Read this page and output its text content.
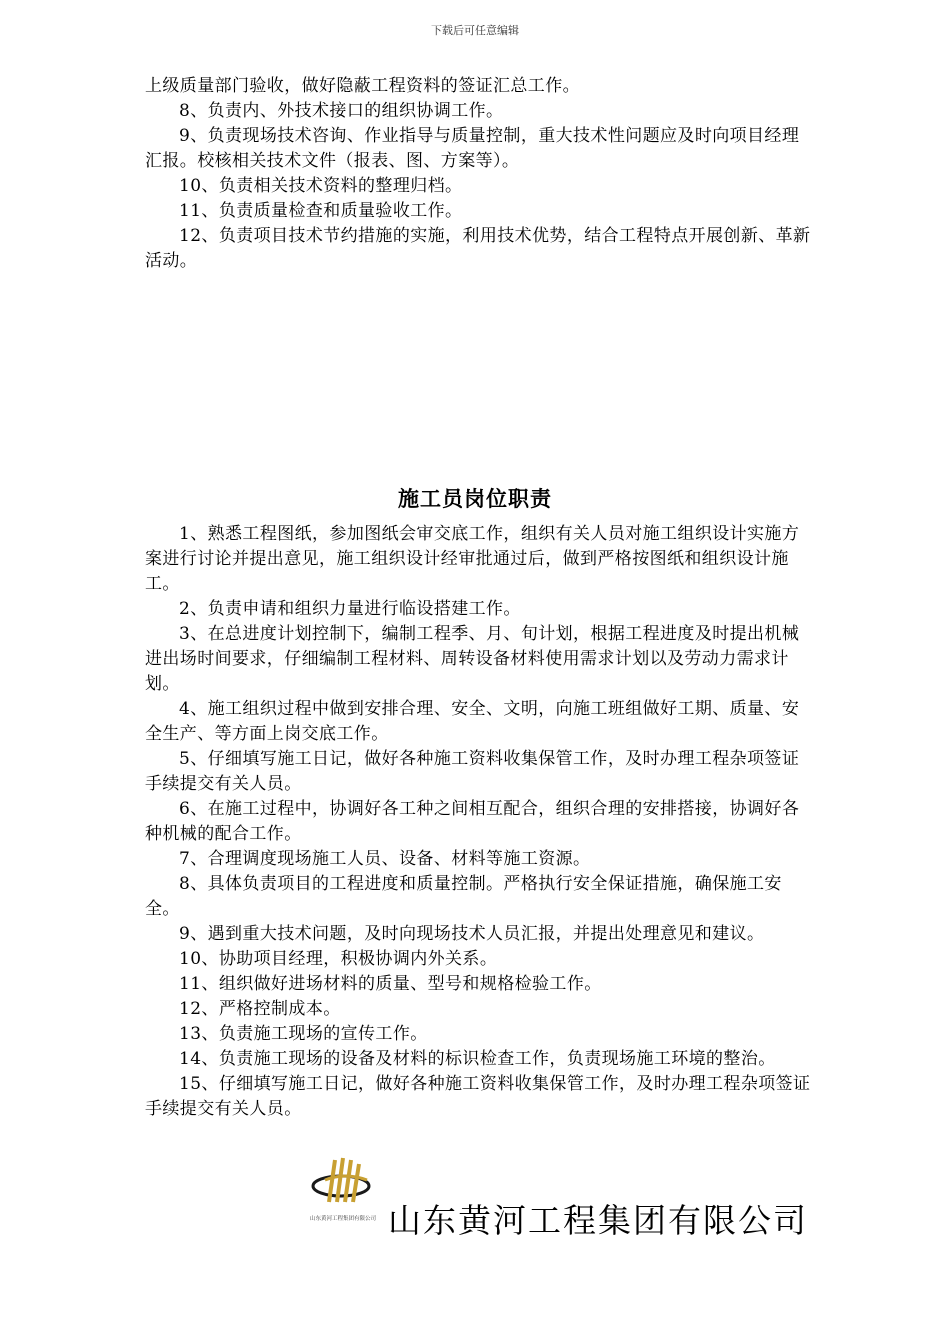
下载后可任意编辑

上级质量部门验收，做好隐蔽工程资料的签证汇总工作。

8、负责内、外技术接口的组织协调工作。

9、负责现场技术咨询、作业指导与质量控制，重大技术性问题应及时向项目经理汇报。校核相关技术文件（报表、图、方案等）。

10、负责相关技术资料的整理归档。

11、负责质量检查和质量验收工作。

12、负责项目技术节约措施的实施，利用技术优势，结合工程特点开展创新、革新活动。

施工员岗位职责

1、熟悉工程图纸，参加图纸会审交底工作，组织有关人员对施工组织设计实施方案进行讨论并提出意见，施工组织设计经审批通过后，做到严格按图纸和组织设计施工。

2、负责申请和组织力量进行临设搭建工作。

3、在总进度计划控制下，编制工程季、月、旬计划，根据工程进度及时提出机械进出场时间要求，仔细编制工程材料、周转设备材料使用需求计划以及劳动力需求计划。

4、施工组织过程中做到安排合理、安全、文明，向施工班组做好工期、质量、安全生产、等方面上岗交底工作。

5、仔细填写施工日记，做好各种施工资料收集保管工作，及时办理工程杂项签证手续提交有关人员。

6、在施工过程中，协调好各工种之间相互配合，组织合理的安排搭接，协调好各种机械的配合工作。

7、合理调度现场施工人员、设备、材料等施工资源。

8、具体负责项目的工程进度和质量控制。严格执行安全保证措施，确保施工安全。

9、遇到重大技术问题，及时向现场技术人员汇报，并提出处理意见和建议。

10、协助项目经理，积极协调内外关系。

11、组织做好进场材料的质量、型号和规格检验工作。

12、严格控制成本。

13、负责施工现场的宣传工作。

14、负责施工现场的设备及材料的标识检查工作，负责现场施工环境的整治。

15、仔细填写施工日记，做好各种施工资料收集保管工作，及时办理工程杂项签证手续提交有关人员。

山东黄河工程集团有限公司 山东黄河工程集团有限公司
